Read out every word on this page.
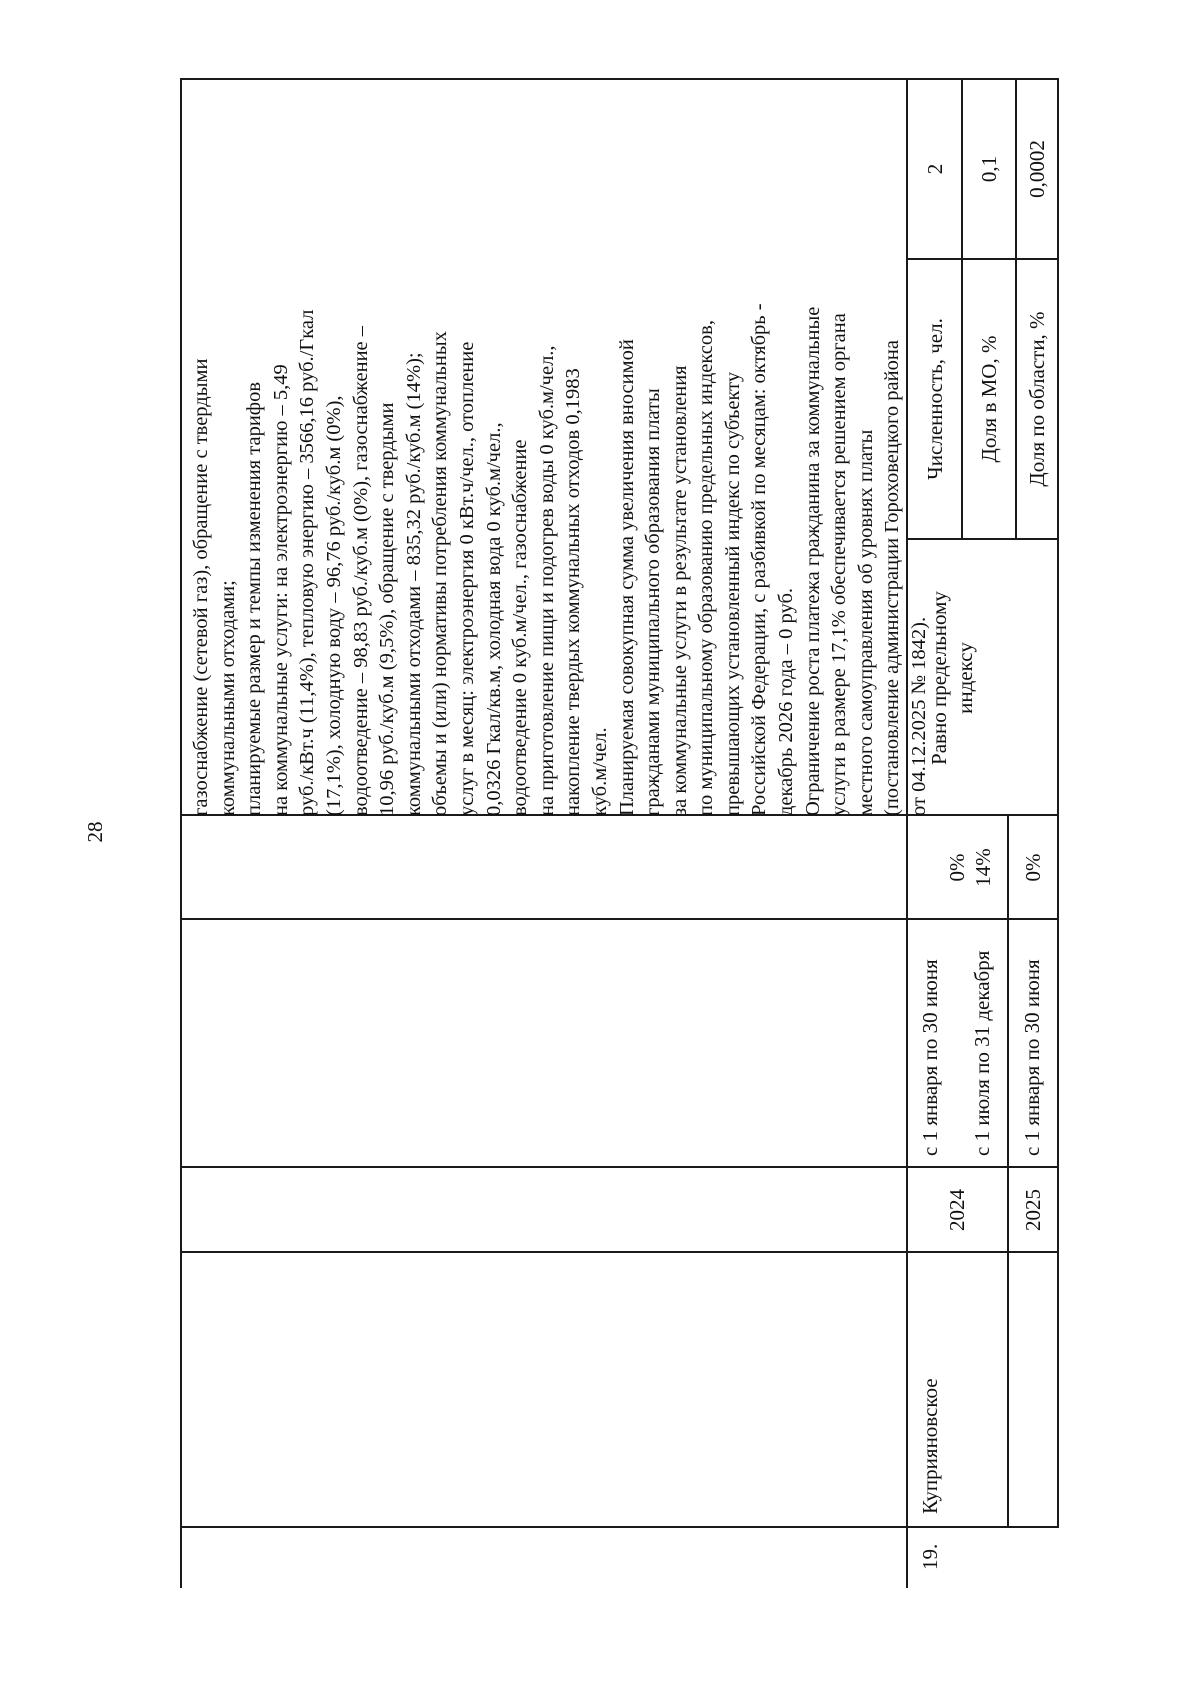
28
газоснабжение (сетевой газ), обращение с твердыми
коммунальными отходами;
планируемые размер и темпы изменения тарифов
на коммунальные услуги: на электроэнергию – 5,49
руб./кВт.ч (11,4%), тепловую энергию – 3566,16 руб./Гкал
(17,1%), холодную воду – 96,76 руб./куб.м (0%),
водоотведение – 98,83 руб./куб.м (0%), газоснабжение –
10,96 руб./куб.м (9,5%), обращение с твердыми
коммунальными отходами – 835,32 руб./куб.м (14%);
объемы и (или) нормативы потребления коммунальных
услуг в месяц: электроэнергия 0 кВт.ч/чел., отопление
0,0326 Гкал/кв.м, холодная вода 0 куб.м/чел.,
водоотведение 0 куб.м/чел., газоснабжение
на приготовление пищи и подогрев воды 0 куб.м/чел.,
накопление твердых коммунальных отходов 0,1983
куб.м/чел.
Планируемая совокупная сумма увеличения вносимой
гражданами муниципального образования платы
за коммунальные услуги в результате установления
по муниципальному образованию предельных индексов,
превышающих установленный индекс по субъекту
Российской Федерации, с разбивкой по месяцам: октябрь -
декабрь 2026 года – 0 руб.
Ограничение роста платежа гражданина за коммунальные
услуги в размере 17,1% обеспечивается решением органа
местного самоуправления об уровнях платы
(постановление администрации Гороховецкого района
от 04.12.2025 № 1842).
19.
Куприяновское
2024
с 1 января по 30 июня
0%
с 1 июля по 31 декабря
14%
2025
с 1 января по 30 июня
0%
Равно предельному индексу
Численность, чел.
2
Доля в МО, %
0,1
Доля по области, %
0,0002
